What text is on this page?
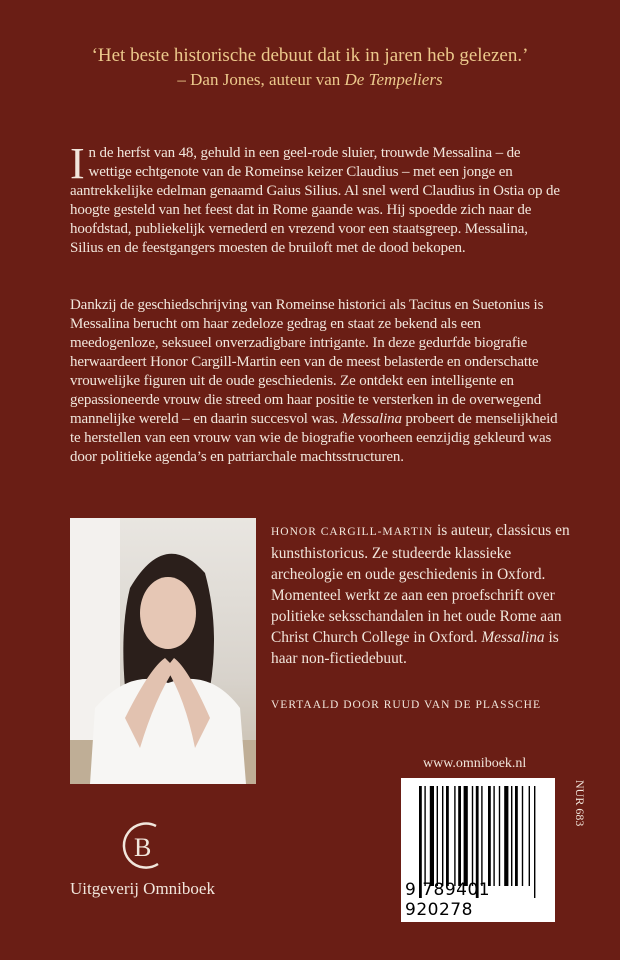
‘Het beste historische debuut dat ik in jaren heb gelezen.’
– Dan Jones, auteur van De Tempeliers
In de herfst van 48, gehuld in een geel-rode sluier, trouwde Messalina – de wettige echtgenote van de Romeinse keizer Claudius – met een jonge en aantrekkelijke edelman genaamd Gaius Silius. Al snel werd Claudius in Ostia op de hoogte gesteld van het feest dat in Rome gaande was. Hij spoedde zich naar de hoofdstad, publiekelijk vernederd en vrezend voor een staatsgreep. Messalina, Silius en de feestgangers moesten de bruiloft met de dood bekopen.
Dankzij de geschiedschrijving van Romeinse historici als Tacitus en Suetonius is Messalina berucht om haar zedeloze gedrag en staat ze bekend als een meedogenloze, seksueel onverzadigbare intrigante. In deze gedurfde biografie herwaardeert Honor Cargill-Martin een van de meest belasterde en onderschatte vrouwelijke figuren uit de oude geschiedenis. Ze ontdekt een intelligente en gepassioneerde vrouw die streed om haar positie te versterken in de overwegend mannelijke wereld – en daarin succesvol was. Messalina probeert de menselijkheid te herstellen van een vrouw van wie de biografie voorheen eenzijdig gekleurd was door politieke agenda’s en patriarchale machtsstructuren.
HONOR CARGILL-MARTIN is auteur, classicus en kunsthistoricus. Ze studeerde klassieke archeologie en oude geschiedenis in Oxford. Momenteel werkt ze aan een proefschrift over politieke seksschandalen in het oude Rome aan Christ Church College in Oxford. Messalina is haar non-fictiedebuut.
VERTAALD DOOR RUUD VAN DE PLASSCHE
www.omniboek.nl
9 789401 920278
NUR 683
B
Uitgeverij Omniboek
